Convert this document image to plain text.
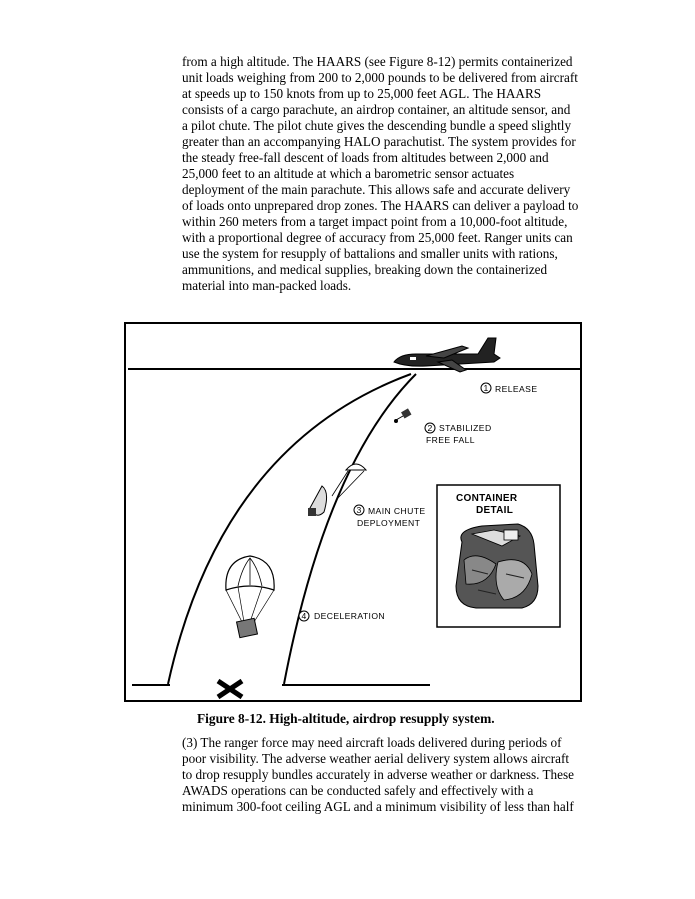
from a high altitude. The HAARS (see Figure 8-12) permits containerized
unit loads weighing from 200 to 2,000 pounds to be delivered from aircraft
at speeds up to 150 knots from up to 25,000 feet AGL. The HAARS
consists of a cargo parachute, an airdrop container, an altitude sensor, and
a pilot chute. The pilot chute gives the descending bundle a speed slightly
greater than an accompanying HALO parachutist. The system provides for
the steady free-fall descent of loads from altitudes between 2,000 and
25,000 feet to an altitude at which a barometric sensor actuates
deployment of the main parachute. This allows safe and accurate delivery
of loads onto unprepared drop zones. The HAARS can deliver a payload to
within 260 meters from a target impact point from a 10,000-foot altitude,
with a proportional degree of accuracy from 25,000 feet. Ranger units can
use the system for resupply of battalions and smaller units with rations,
ammunitions, and medical supplies, breaking down the containerized
material into man-packed loads.
1
2
3
4
RELEASE
STABILIZED
FREE FALL
MAIN CHUTE
DEPLOYMENT
DECELERATION
CONTAINER
DETAIL
Figure 8-12. High-altitude, airdrop resupply system.
(3) The ranger force may need aircraft loads delivered during periods of
poor visibility. The adverse weather aerial delivery system allows aircraft
to drop resupply bundles accurately in adverse weather or darkness. These
AWADS operations can be conducted safely and effectively with a
minimum 300-foot ceiling AGL and a minimum visibility of less than half
